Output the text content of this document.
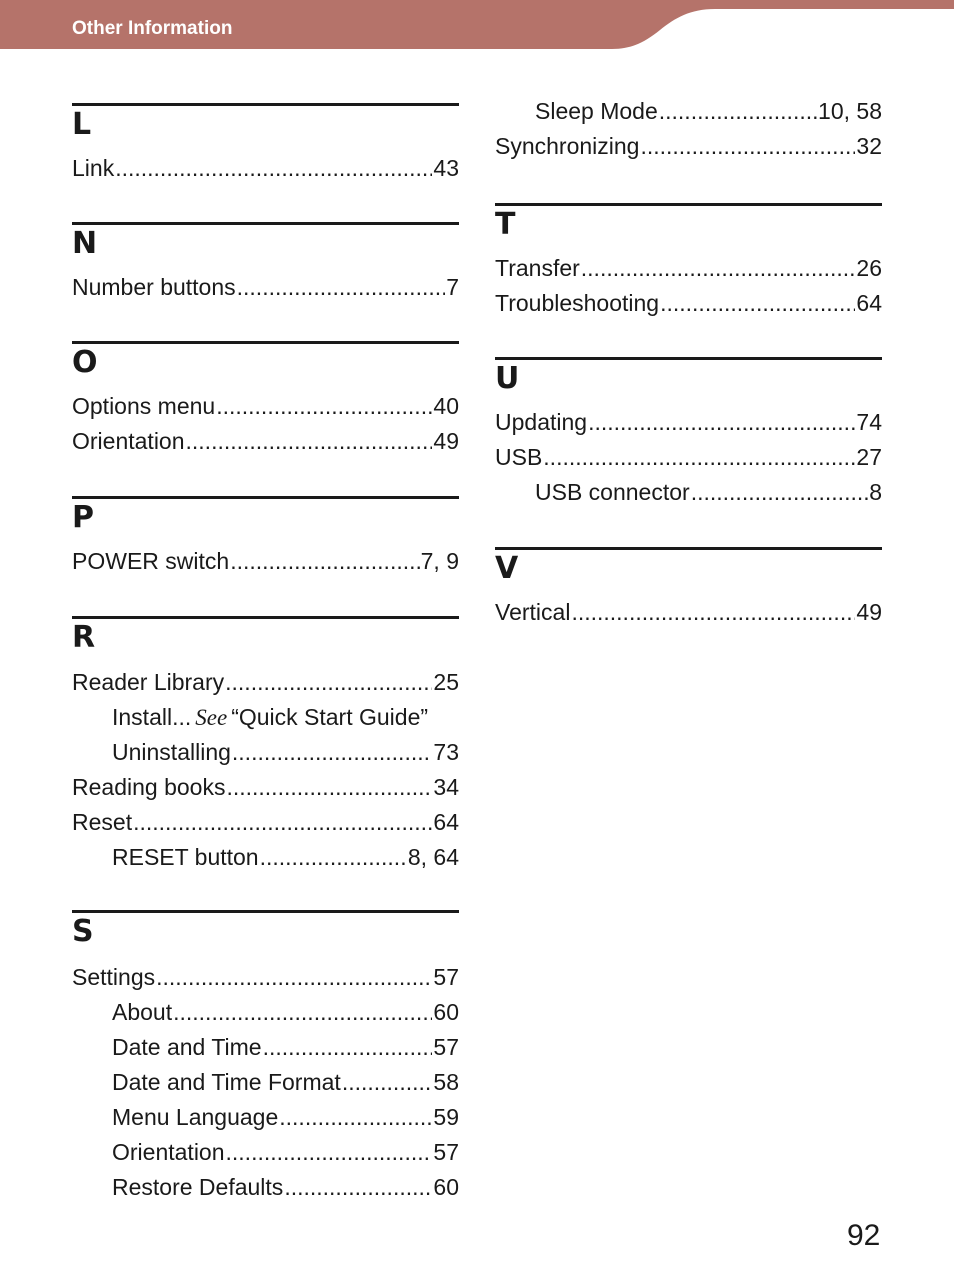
Other Information
L
Link .....	43
N
Number buttons .....	7
O
Options menu .....	40
Orientation .....	49
P
POWER switch .....	7, 9
R
Reader Library .....	25
Install ... See “Quick Start Guide”
Uninstalling .....	73
Reading books .....	34
Reset .....	64
RESET button .....	8, 64
S
Settings .....	57
About .....	60
Date and Time .....	57
Date and Time Format .....	58
Menu Language .....	59
Orientation .....	57
Restore Defaults .....	60
Sleep Mode .....	10, 58
Synchronizing .....	32
T
Transfer .....	26
Troubleshooting .....	64
U
Updating .....	74
USB .....	27
USB connector .....	8
V
Vertical .....	49
92
